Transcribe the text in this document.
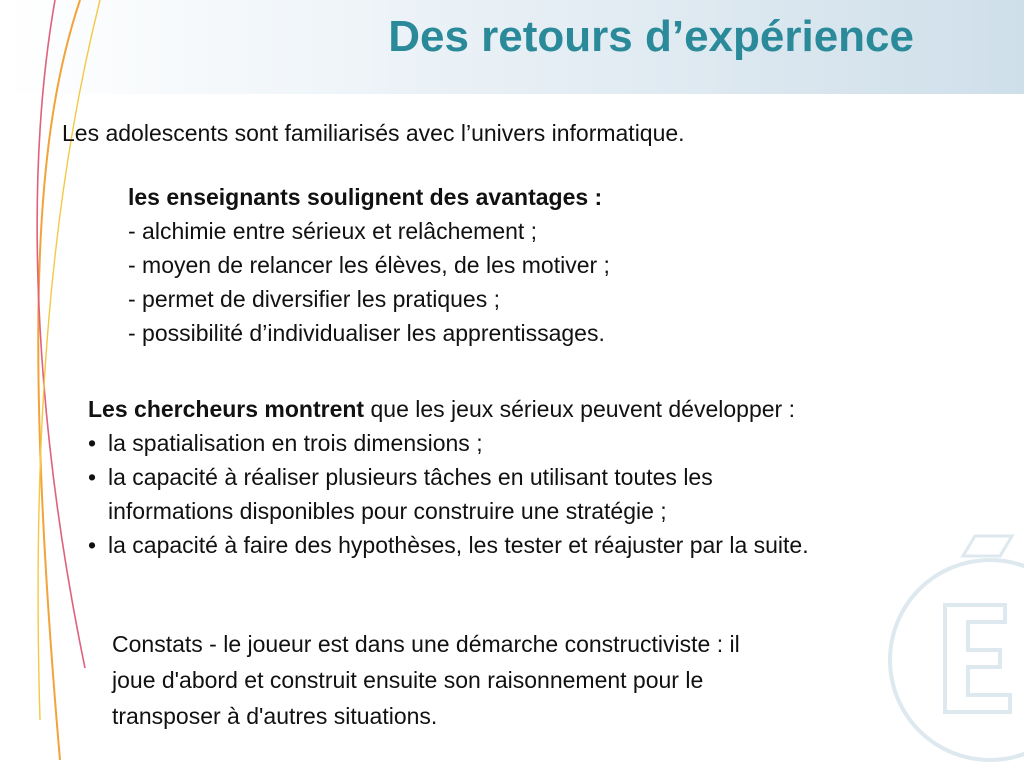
Des retours d’expérience

Les adolescents sont familiarisés avec l’univers informatique.

les enseignants soulignent des avantages :
- alchimie entre sérieux et relâchement ;
- moyen de relancer les élèves, de les motiver ;
- permet de diversifier les pratiques ;
- possibilité d’individualiser les apprentissages.
Les chercheurs montrent que les jeux sérieux peuvent développer :
• la spatialisation en trois dimensions ;
• la capacité à réaliser plusieurs tâches en utilisant toutes les
informations disponibles pour construire une stratégie ;
• la capacité à faire des hypothèses, les tester et réajuster par la suite.
Constats - le joueur est dans une démarche constructiviste : il
joue d'abord et construit ensuite son raisonnement pour le
transposer à d'autres situations.
